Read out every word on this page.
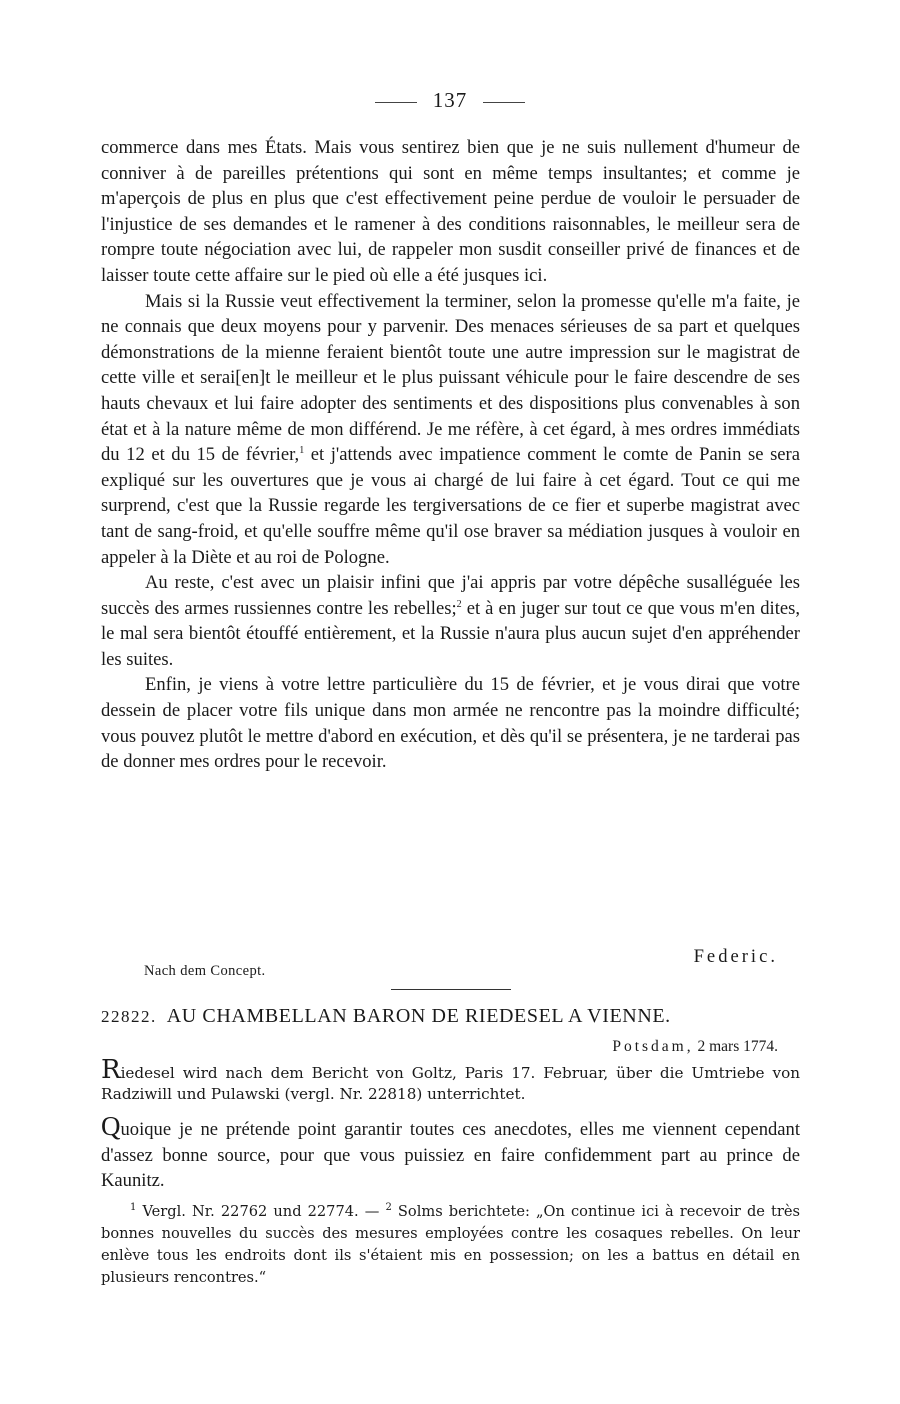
137

commerce dans mes États. Mais vous sentirez bien que je ne suis nullement d'humeur de conniver à de pareilles prétentions qui sont en même temps insultantes; et comme je m'aperçois de plus en plus que c'est effectivement peine perdue de vouloir le persuader de l'injustice de ses demandes et le ramener à des conditions raisonnables, le meilleur sera de rompre toute négociation avec lui, de rappeler mon susdit conseiller privé de finances et de laisser toute cette affaire sur le pied où elle a été jusques ici.

Mais si la Russie veut effectivement la terminer, selon la promesse qu'elle m'a faite, je ne connais que deux moyens pour y parvenir. Des menaces sérieuses de sa part et quelques démonstrations de la mienne feraient bientôt toute une autre impression sur le magistrat de cette ville et serai[en]t le meilleur et le plus puissant véhicule pour le faire descendre de ses hauts chevaux et lui faire adopter des sentiments et des dispositions plus convenables à son état et à la nature même de mon différend. Je me réfère, à cet égard, à mes ordres immédiats du 12 et du 15 de février,$^1$ et j'attends avec impatience comment le comte de Panin se sera expliqué sur les ouvertures que je vous ai chargé de lui faire à cet égard. Tout ce qui me surprend, c'est que la Russie regarde les tergiversations de ce fier et superbe magistrat avec tant de sang-froid, et qu'elle souffre même qu'il ose braver sa médiation jusques à vouloir en appeler à la Diète et au roi de Pologne.

Au reste, c'est avec un plaisir infini que j'ai appris par votre dépêche susalléguée les succès des armes russiennes contre les rebelles;$^2$ et à en juger sur tout ce que vous m'en dites, le mal sera bientôt étouffé entièrement, et la Russie n'aura plus aucun sujet d'en appréhender les suites.

Enfin, je viens à votre lettre particulière du 15 de février, et je vous dirai que votre dessein de placer votre fils unique dans mon armée ne rencontre pas la moindre difficulté; vous pouvez plutôt le mettre d'abord en exécution, et dès qu'il se présentera, je ne tarderai pas de donner mes ordres pour le recevoir.

Federic.
Nach dem Concept.
22822. AU CHAMBELLAN BARON DE RIEDESEL A VIENNE.
Potsdam, 2 mars 1774.
Riedesel wird nach dem Bericht von Goltz, Paris 17. Februar, über die Umtriebe von Radziwill und Pulawski (vergl. Nr. 22818) unterrichtet.

Quoique je ne prétende point garantir toutes ces anecdotes, elles me viennent cependant d'assez bonne source, pour que vous puissiez en faire confidemment part au prince de Kaunitz.

$^1$ Vergl. Nr. 22762 und 22774. — $^2$ Solms berichtete: „On continue ici à recevoir de très bonnes nouvelles du succès des mesures employées contre les cosaques rebelles. On leur enlève tous les endroits dont ils s'étaient mis en possession; on les a battus en détail en plusieurs rencontres.“
